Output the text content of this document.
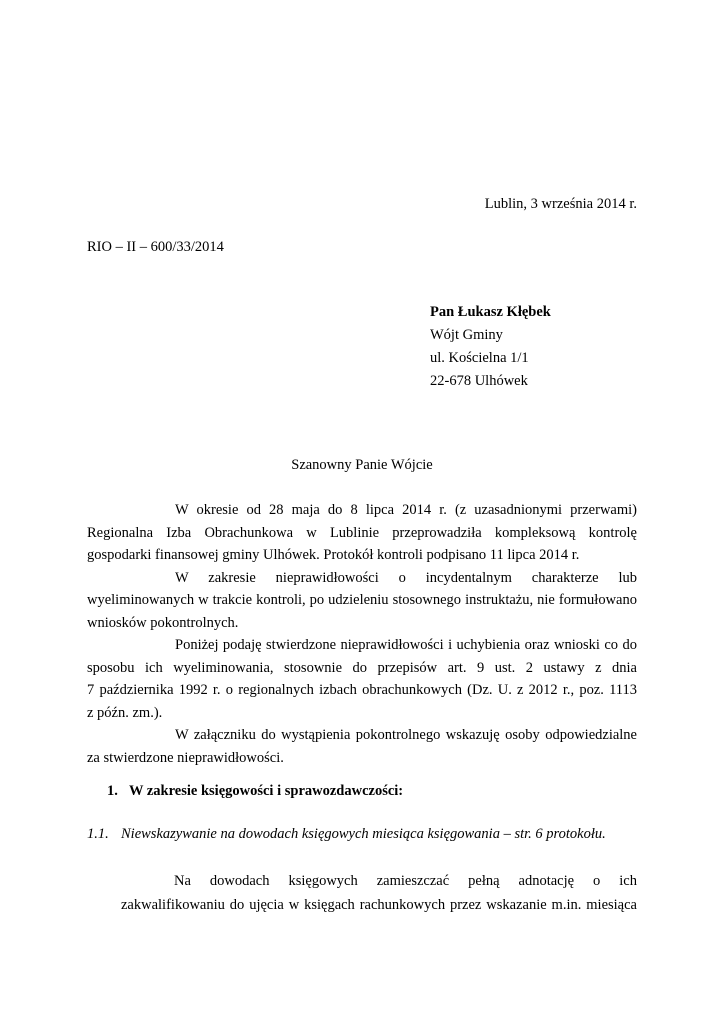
Lublin, 3 września 2014 r.
RIO – II – 600/33/2014
Pan Łukasz Kłębek
Wójt Gminy
ul. Kościelna 1/1
22-678 Ulhówek
Szanowny Panie Wójcie
W okresie od 28 maja do 8 lipca 2014 r. (z uzasadnionymi przerwami)
Regionalna Izba Obrachunkowa w Lublinie przeprowadziła kompleksową kontrolę
gospodarki finansowej gminy Ulhówek. Protokół kontroli podpisano 11 lipca 2014 r.
W zakresie nieprawidłowości o incydentalnym charakterze lub
wyeliminowanych w trakcie kontroli, po udzieleniu stosownego instruktażu, nie formułowano
wniosków pokontrolnych.
Poniżej podaję stwierdzone nieprawidłowości i uchybienia oraz wnioski co do
sposobu ich wyeliminowania, stosownie do przepisów art. 9 ust. 2 ustawy z dnia
7 października 1992 r. o regionalnych izbach obrachunkowych (Dz. U. z 2012 r., poz. 1113
z późn. zm.).
W załączniku do wystąpienia pokontrolnego wskazuję osoby odpowiedzialne
za stwierdzone nieprawidłowości.
1. W zakresie księgowości i sprawozdawczości:
1.1. Niewskazywanie na dowodach księgowych miesiąca księgowania – str. 6 protokołu.
Na dowodach księgowych zamieszczać pełną adnotację o ich
zakwalifikowaniu do ujęcia w księgach rachunkowych przez wskazanie m.in. miesiąca
